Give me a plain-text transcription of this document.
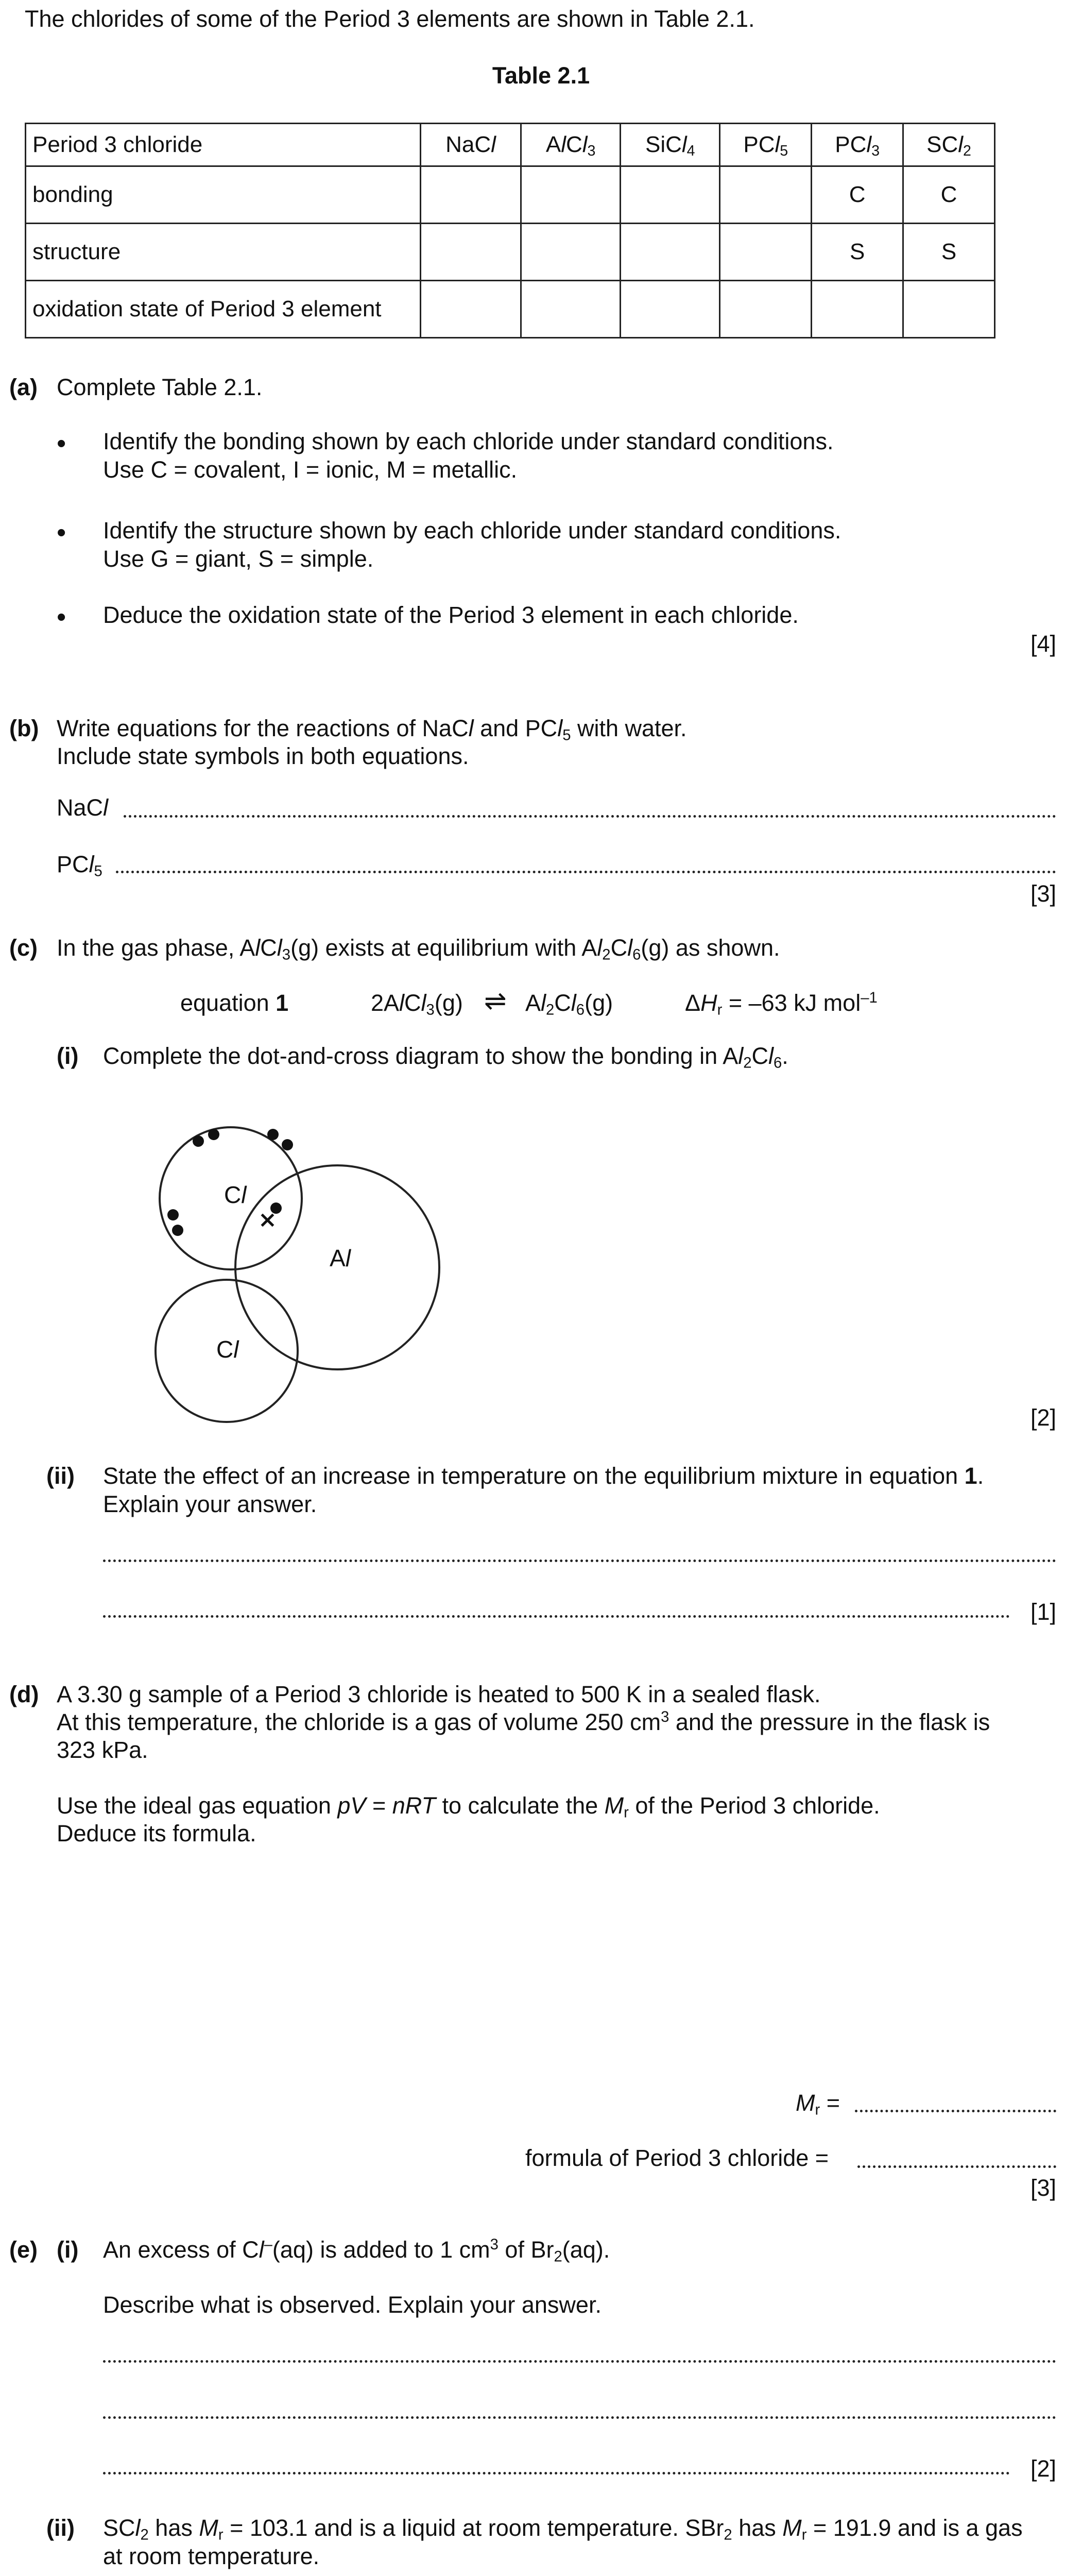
The chlorides of some of the Period 3 elements are shown in Table 2.1.
Table 2.1
Period 3 chloride	NaCl	AlCl$_3$	SiCl$_4$	PCl$_5$	PCl$_3$	SCl$_2$
bonding					C	C
structure					S	S
oxidation state of Period 3 element						
(a) Complete Table 2.1.
• Identify the bonding shown by each chloride under standard conditions.
Use C = covalent, I = ionic, M = metallic.
• Identify the structure shown by each chloride under standard conditions.
Use G = giant, S = simple.
• Deduce the oxidation state of the Period 3 element in each chloride.
[4]
(b) Write equations for the reactions of NaCl and PCl$_5$ with water.
Include state symbols in both equations.
NaCl
PCl$_5$
[3]
(c) In the gas phase, AlCl$_3$(g) exists at equilibrium with $Al_2Cl_6(g)$ as shown.
equation 1	2AlCl$_3$(g) ⇌ $Al_2Cl_6(g)$	$\Delta H_r = -63$ kJ mol$^{-1}$
(i) Complete the dot-and-cross diagram to show the bonding in $Al_2Cl_6$.
×
Cl
Al
Cl
[2]
(ii) State the effect of an increase in temperature on the equilibrium mixture in equation 1.
Explain your answer.
[1]
(d) A 3.30 g sample of a Period 3 chloride is heated to 500 K in a sealed flask.
At this temperature, the chloride is a gas of volume 250 $cm^3$ and the pressure in the flask is
323 kPa.
Use the ideal gas equation pV = nRT to calculate the $M_r$ of the Period 3 chloride.
Deduce its formula.
$M_r$ =
formula of Period 3 chloride =
[3]
(e) (i) An excess of Cl–(aq) is added to 1 $cm^3$ of $Br_2(aq)$.
Describe what is observed. Explain your answer.
[2]
(ii) SCl$_2$ has $M_r = 103.1$ and is a liquid at room temperature. SBr$_2$ has $M_r = 191.9$ and is a gas
at room temperature.
